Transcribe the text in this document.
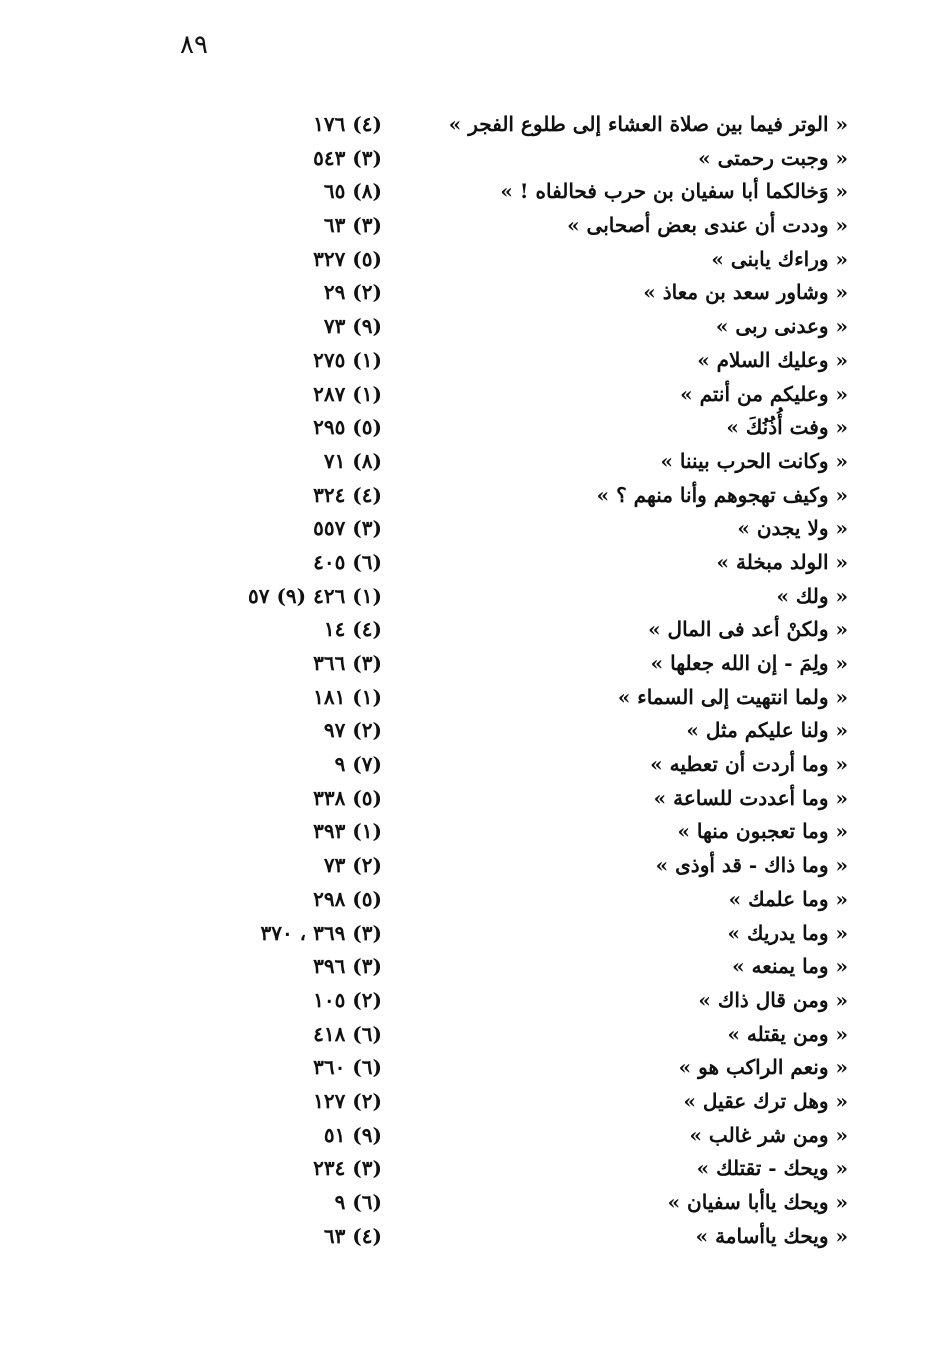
٨٩
« الوتر فيما بين صلاة العشاء إلى طلوع الفجر »
(٤) ١٧٦
« وجبت رحمتى »
(٣) ٥٤٣
« وَخالكما أبا سفيان بن حرب فحالفاه ! »
(٨) ٦٥
« وددت أن عندى بعض أصحابى »
(٣) ٦٣
« وراءك يابنى »
(٥) ٣٢٧
« وشاور سعد بن معاذ »
(٢) ٢٩
« وعدنى ربى »
(٩) ٧٣
« وعليك السلام »
(١) ٢٧٥
« وعليكم من أنتم »
(١) ٢٨٧
« وفت أُذُنُكَ »
(٥) ٢٩٥
« وكانت الحرب بيننا »
(٨) ٧١
« وكيف تهجوهم وأنا منهم ؟ »
(٤) ٣٢٤
« ولا يجدن »
(٣) ٥٥٧
« الولد مبخلة »
(٦) ٤٠٥
« ولك »
(١) ٤٢٦ (٩) ٥٧
« ولكنْ أعد فى المال »
(٤) ١٤
« ولِمَ - إن الله جعلها »
(٣) ٣٦٦
« ولما انتهيت إلى السماء »
(١) ١٨١
« ولنا عليكم مثل »
(٢) ٩٧
« وما أردت أن تعطيه »
(٧) ٩
« وما أعددت للساعة »
(٥) ٣٣٨
« وما تعجبون منها »
(١) ٣٩٣
« وما ذاك - قد أوذى »
(٢) ٧٣
« وما علمك »
(٥) ٢٩٨
« وما يدريك »
(٣) ٣٦٩ ، ٣٧٠
« وما يمنعه »
(٣) ٣٩٦
« ومن قال ذاك »
(٢) ١٠٥
« ومن يقتله »
(٦) ٤١٨
« ونعم الراكب هو »
(٦) ٣٦٠
« وهل ترك عقيل »
(٢) ١٢٧
« ومن شر غالب »
(٩) ٥١
« ويحك - تقتلك »
(٣) ٢٣٤
« ويحك ياأبا سفيان »
(٦) ٩
« ويحك ياأسامة »
(٤) ٦٣
